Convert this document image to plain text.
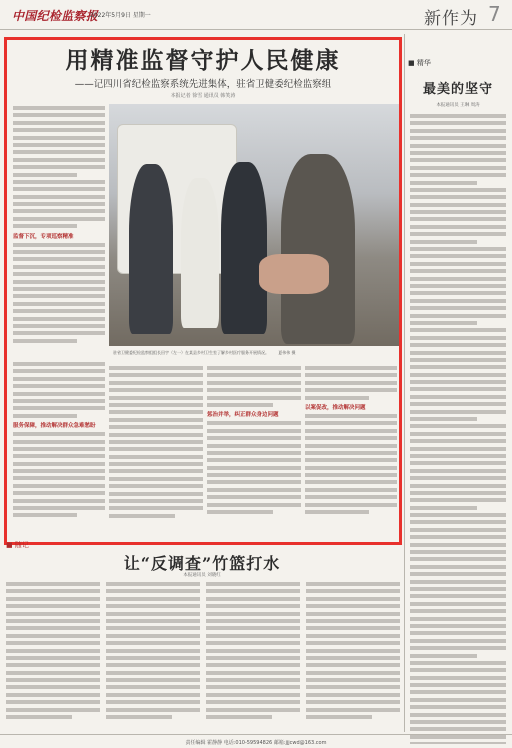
中国纪检监察报
2022年5月9日 星期一	新作为 7
用精准监督守护人民健康
——记四川省纪检监察系统先进集体，驻省卫健委纪检监察组
本报记者 徐雪 通讯员 韩笑涛
监督下沉，专项巡察精准
驻省卫健委纪检监察组组长田宇（左一）在某县乡村卫生室了解乡村医疗服务开展情况。 夏伟伟 摄
服务保障，推动解决群众急难愁盼
惩治并举，纠正群众身边问题
以案促改，推动解决问题
■ 精华
最美的坚守
本报通讯员 王琳 周涛
■ 随记
让“反调查”竹篮打水
本报通讯员 刘晓红
责任编辑 霍静静 电话:010-59594826 邮箱:jjjcwd@163.com
